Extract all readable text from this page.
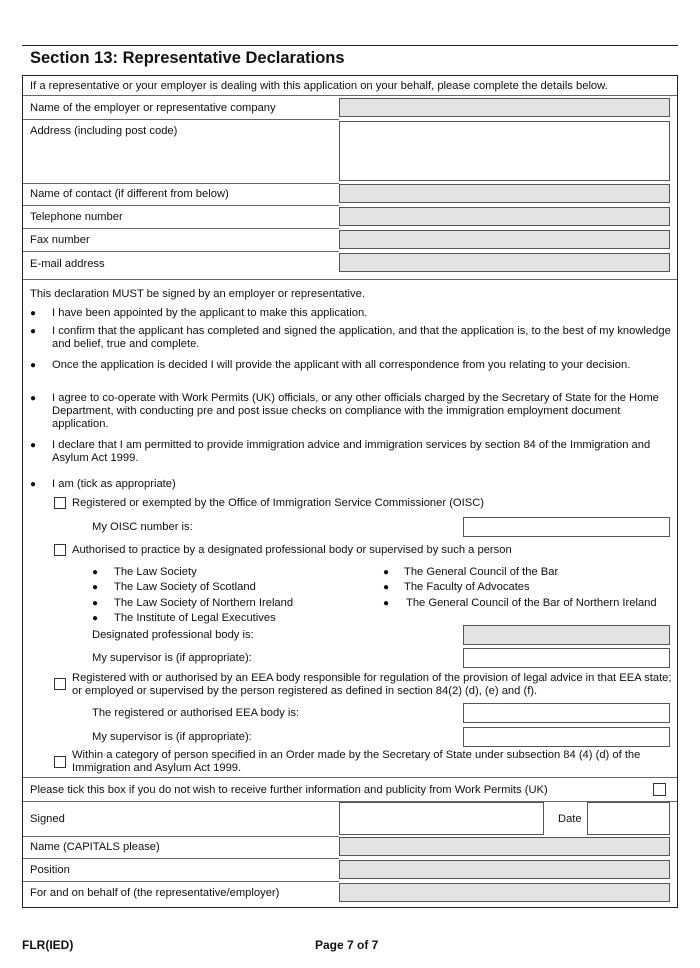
Section 13: Representative Declarations
If a representative or your employer is dealing with this application on your behalf, please complete the details below.
Name of the employer or representative company
Address (including post code)
Name of contact (if different from below)
Telephone number
Fax number
E-mail address
This declaration MUST be signed by an employer or representative.
● I have been appointed by the applicant to make this application.
● I confirm that the applicant has completed and signed the application, and that the application is, to the best of my knowledge and belief, true and complete.
● Once the application is decided I will provide the applicant with all correspondence from you relating to your decision.
● I agree to co-operate with Work Permits (UK) officials, or any other officials charged by the Secretary of State for the Home Department, with conducting pre and post issue checks on compliance with the immigration employment document application.
● I declare that I am permitted to provide immigration advice and immigration services by section 84 of the Immigration and Asylum Act 1999.
● I am (tick as appropriate)
Registered or exempted by the Office of Immigration Service Commissioner (OISC)
My OISC number is:
Authorised to practice by a designated professional body or supervised by such a person
● The Law Society
● The Law Society of Scotland
● The Law Society of Northern Ireland
● The Institute of Legal Executives
● The General Council of the Bar
● The Faculty of Advocates
● The General Council of the Bar of Northern Ireland
Designated professional body is:
My supervisor is (if appropriate):
Registered with or authorised by an EEA body responsible for regulation of the provision of legal advice in that EEA state; or employed or supervised by the person registered as defined in section 84(2) (d), (e) and (f).
The registered or authorised EEA body is:
My supervisor is (if appropriate):
Within a category of person specified in an Order made by the Secretary of State under subsection 84 (4) (d) of the Immigration and Asylum Act 1999.
Please tick this box if you do not wish to receive further information and publicity from Work Permits (UK)
Signed	Date
Name (CAPITALS please)
Position
For and on behalf of (the representative/employer)
FLR(IED)	Page 7 of 7
